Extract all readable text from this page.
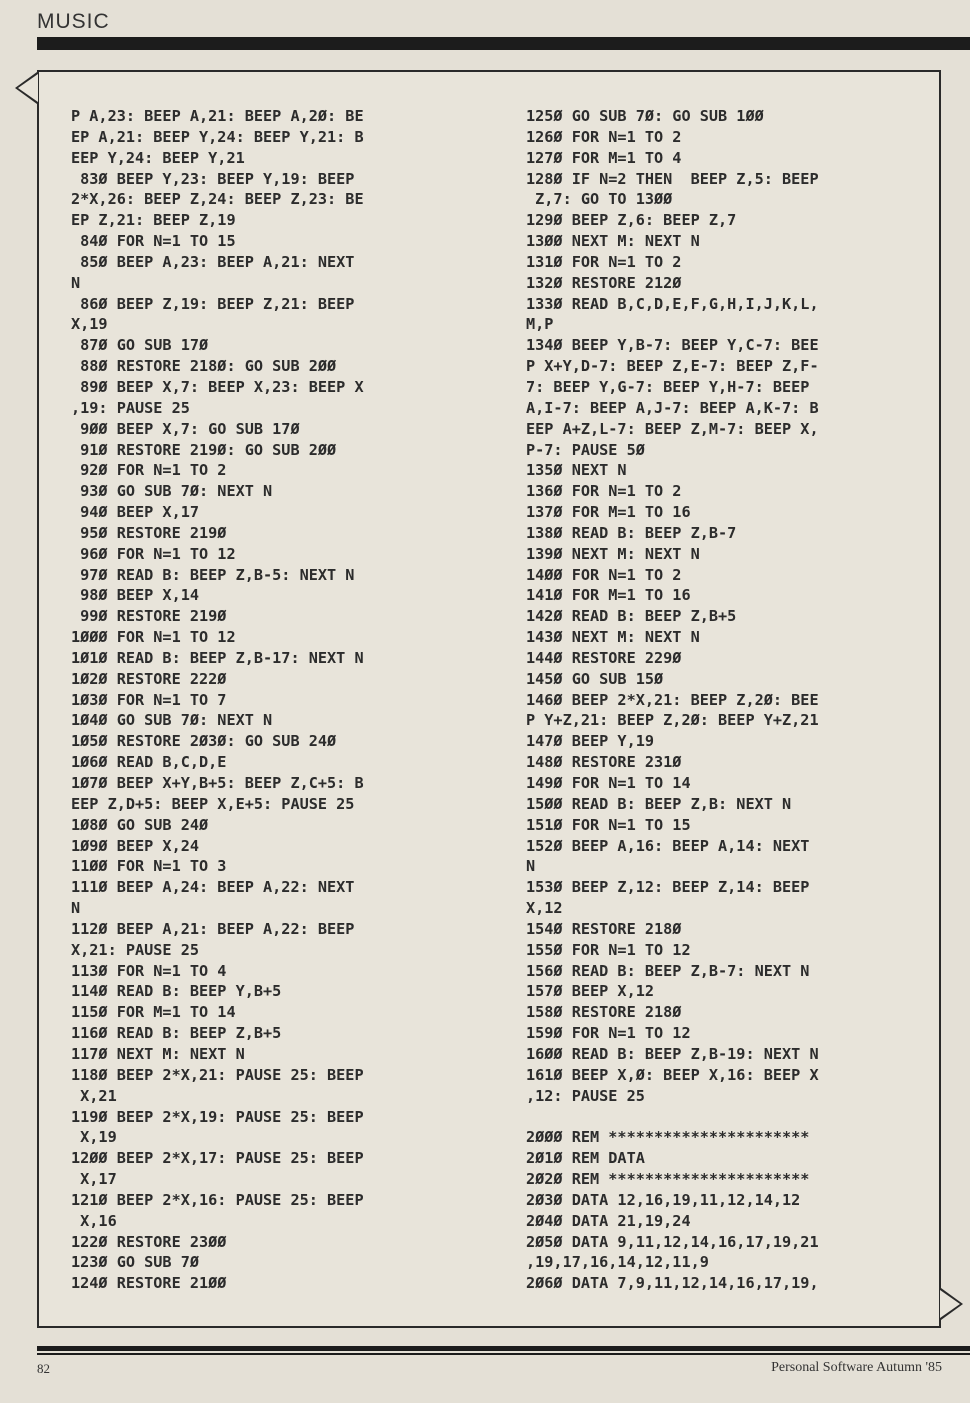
MUSIC
P A,23: BEEP A,21: BEEP A,2Ø: BE
EP A,21: BEEP Y,24: BEEP Y,21: B
EEP Y,24: BEEP Y,21
83Ø BEEP Y,23: BEEP Y,19: BEEP
2*X,26: BEEP Z,24: BEEP Z,23: BE
EP Z,21: BEEP Z,19
84Ø FOR N=1 TO 15
85Ø BEEP A,23: BEEP A,21: NEXT
N
86Ø BEEP Z,19: BEEP Z,21: BEEP
X,19
87Ø GO SUB 17Ø
88Ø RESTORE 218Ø: GO SUB 2ØØ
89Ø BEEP X,7: BEEP X,23: BEEP X
,19: PAUSE 25
9ØØ BEEP X,7: GO SUB 17Ø
91Ø RESTORE 219Ø: GO SUB 2ØØ
92Ø FOR N=1 TO 2
93Ø GO SUB 7Ø: NEXT N
94Ø BEEP X,17
95Ø RESTORE 219Ø
96Ø FOR N=1 TO 12
97Ø READ B: BEEP Z,B-5: NEXT N
98Ø BEEP X,14
99Ø RESTORE 219Ø
1ØØØ FOR N=1 TO 12
1Ø1Ø READ B: BEEP Z,B-17: NEXT N
1Ø2Ø RESTORE 222Ø
1Ø3Ø FOR N=1 TO 7
1Ø4Ø GO SUB 7Ø: NEXT N
1Ø5Ø RESTORE 2Ø3Ø: GO SUB 24Ø
1Ø6Ø READ B,C,D,E
1Ø7Ø BEEP X+Y,B+5: BEEP Z,C+5: B
EEP Z,D+5: BEEP X,E+5: PAUSE 25
1Ø8Ø GO SUB 24Ø
1Ø9Ø BEEP X,24
11ØØ FOR N=1 TO 3
111Ø BEEP A,24: BEEP A,22: NEXT
N
112Ø BEEP A,21: BEEP A,22: BEEP
X,21: PAUSE 25
113Ø FOR N=1 TO 4
114Ø READ B: BEEP Y,B+5
115Ø FOR M=1 TO 14
116Ø READ B: BEEP Z,B+5
117Ø NEXT M: NEXT N
118Ø BEEP 2*X,21: PAUSE 25: BEEP
X,21
119Ø BEEP 2*X,19: PAUSE 25: BEEP
X,19
12ØØ BEEP 2*X,17: PAUSE 25: BEEP
X,17
121Ø BEEP 2*X,16: PAUSE 25: BEEP
X,16
122Ø RESTORE 23ØØ
123Ø GO SUB 7Ø
124Ø RESTORE 21ØØ
125Ø GO SUB 7Ø: GO SUB 1ØØ
126Ø FOR N=1 TO 2
127Ø FOR M=1 TO 4
128Ø IF N=2 THEN  BEEP Z,5: BEEP
Z,7: GO TO 13ØØ
129Ø BEEP Z,6: BEEP Z,7
13ØØ NEXT M: NEXT N
131Ø FOR N=1 TO 2
132Ø RESTORE 212Ø
133Ø READ B,C,D,E,F,G,H,I,J,K,L,
M,P
134Ø BEEP Y,B-7: BEEP Y,C-7: BEE
P X+Y,D-7: BEEP Z,E-7: BEEP Z,F-
7: BEEP Y,G-7: BEEP Y,H-7: BEEP
A,I-7: BEEP A,J-7: BEEP A,K-7: B
EEP A+Z,L-7: BEEP Z,M-7: BEEP X,
P-7: PAUSE 5Ø
135Ø NEXT N
136Ø FOR N=1 TO 2
137Ø FOR M=1 TO 16
138Ø READ B: BEEP Z,B-7
139Ø NEXT M: NEXT N
14ØØ FOR N=1 TO 2
141Ø FOR M=1 TO 16
142Ø READ B: BEEP Z,B+5
143Ø NEXT M: NEXT N
144Ø RESTORE 229Ø
145Ø GO SUB 15Ø
146Ø BEEP 2*X,21: BEEP Z,2Ø: BEE
P Y+Z,21: BEEP Z,2Ø: BEEP Y+Z,21
147Ø BEEP Y,19
148Ø RESTORE 231Ø
149Ø FOR N=1 TO 14
15ØØ READ B: BEEP Z,B: NEXT N
151Ø FOR N=1 TO 15
152Ø BEEP A,16: BEEP A,14: NEXT
N
153Ø BEEP Z,12: BEEP Z,14: BEEP
X,12
154Ø RESTORE 218Ø
155Ø FOR N=1 TO 12
156Ø READ B: BEEP Z,B-7: NEXT N
157Ø BEEP X,12
158Ø RESTORE 218Ø
159Ø FOR N=1 TO 12
16ØØ READ B: BEEP Z,B-19: NEXT N
161Ø BEEP X,Ø: BEEP X,16: BEEP X
,12: PAUSE 25
2ØØØ REM **********************
2Ø1Ø REM DATA
2Ø2Ø REM **********************
2Ø3Ø DATA 12,16,19,11,12,14,12
2Ø4Ø DATA 21,19,24
2Ø5Ø DATA 9,11,12,14,16,17,19,21
,19,17,16,14,12,11,9
2Ø6Ø DATA 7,9,11,12,14,16,17,19,
82	Personal Software Autumn '85
